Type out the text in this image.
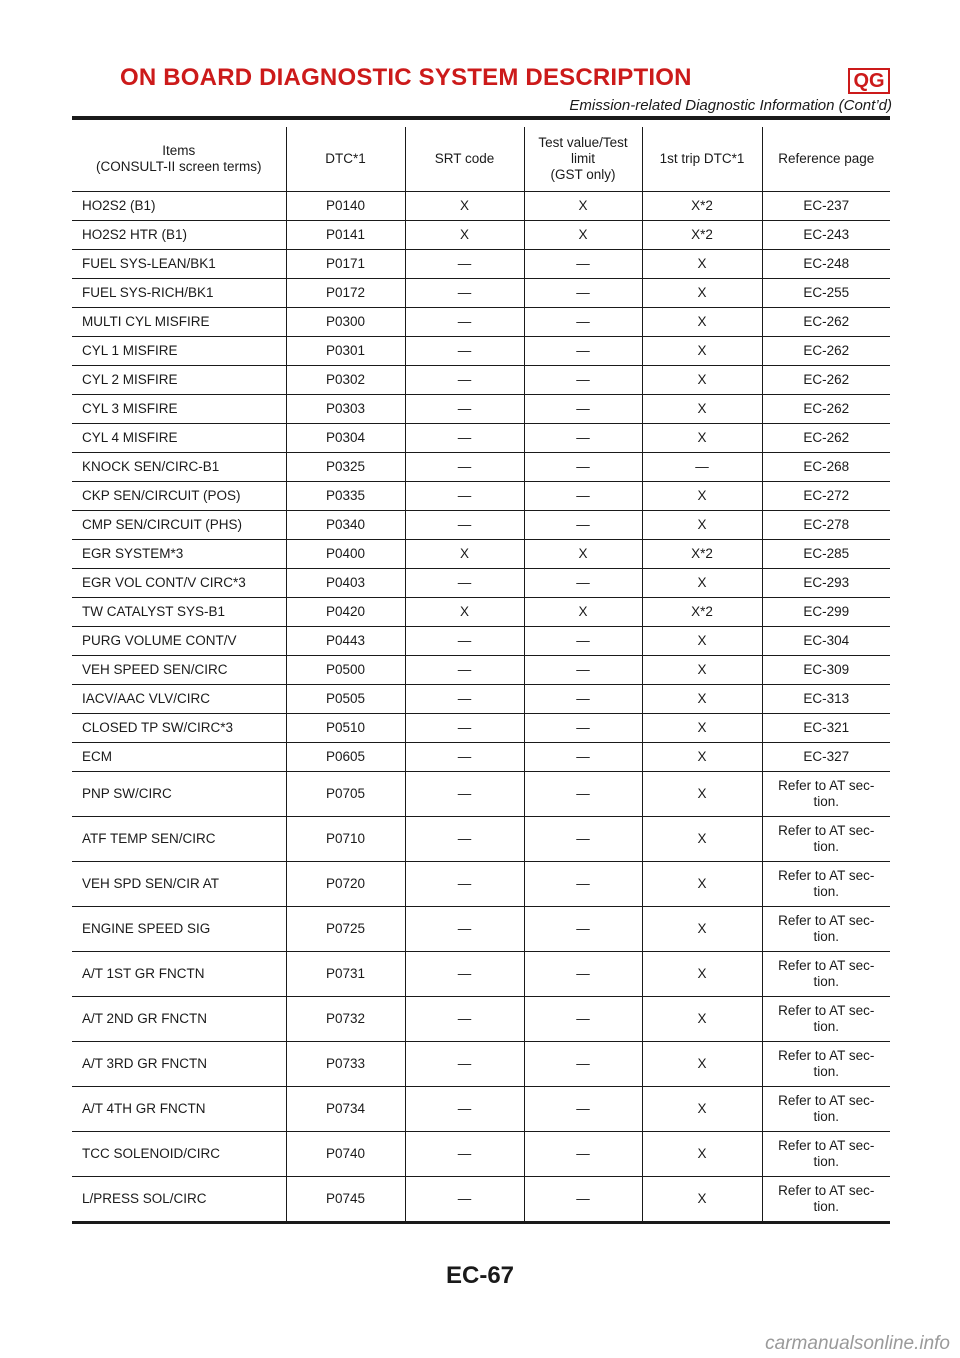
ON BOARD DIAGNOSTIC SYSTEM DESCRIPTION	QG
Emission-related Diagnostic Information (Cont’d)
Items
(CONSULT-II screen terms)	DTC*1	SRT code	Test value/Test
limit
(GST only)	1st trip DTC*1	Reference page

HO2S2 (B1)	P0140	X	X	X*2	EC-237
HO2S2 HTR (B1)	P0141	X	X	X*2	EC-243
FUEL SYS-LEAN/BK1	P0171	—	—	X	EC-248
FUEL SYS-RICH/BK1	P0172	—	—	X	EC-255
MULTI CYL MISFIRE	P0300	—	—	X	EC-262
CYL 1 MISFIRE	P0301	—	—	X	EC-262
CYL 2 MISFIRE	P0302	—	—	X	EC-262
CYL 3 MISFIRE	P0303	—	—	X	EC-262
CYL 4 MISFIRE	P0304	—	—	X	EC-262
KNOCK SEN/CIRC-B1	P0325	—	—	—	EC-268
CKP SEN/CIRCUIT (POS)	P0335	—	—	X	EC-272
CMP SEN/CIRCUIT (PHS)	P0340	—	—	X	EC-278
EGR SYSTEM*3	P0400	X	X	X*2	EC-285
EGR VOL CONT/V CIRC*3	P0403	—	—	X	EC-293
TW CATALYST SYS-B1	P0420	X	X	X*2	EC-299
PURG VOLUME CONT/V	P0443	—	—	X	EC-304
VEH SPEED SEN/CIRC	P0500	—	—	X	EC-309
IACV/AAC VLV/CIRC	P0505	—	—	X	EC-313
CLOSED TP SW/CIRC*3	P0510	—	—	X	EC-321
ECM	P0605	—	—	X	EC-327
PNP SW/CIRC	P0705	—	—	X	Refer to AT sec-
tion.
ATF TEMP SEN/CIRC	P0710	—	—	X	Refer to AT sec-
tion.
VEH SPD SEN/CIR AT	P0720	—	—	X	Refer to AT sec-
tion.
ENGINE SPEED SIG	P0725	—	—	X	Refer to AT sec-
tion.
A/T 1ST GR FNCTN	P0731	—	—	X	Refer to AT sec-
tion.
A/T 2ND GR FNCTN	P0732	—	—	X	Refer to AT sec-
tion.
A/T 3RD GR FNCTN	P0733	—	—	X	Refer to AT sec-
tion.
A/T 4TH GR FNCTN	P0734	—	—	X	Refer to AT sec-
tion.
TCC SOLENOID/CIRC	P0740	—	—	X	Refer to AT sec-
tion.
L/PRESS SOL/CIRC	P0745	—	—	X	Refer to AT sec-
tion.
EC-67
carmanualsonline.info
